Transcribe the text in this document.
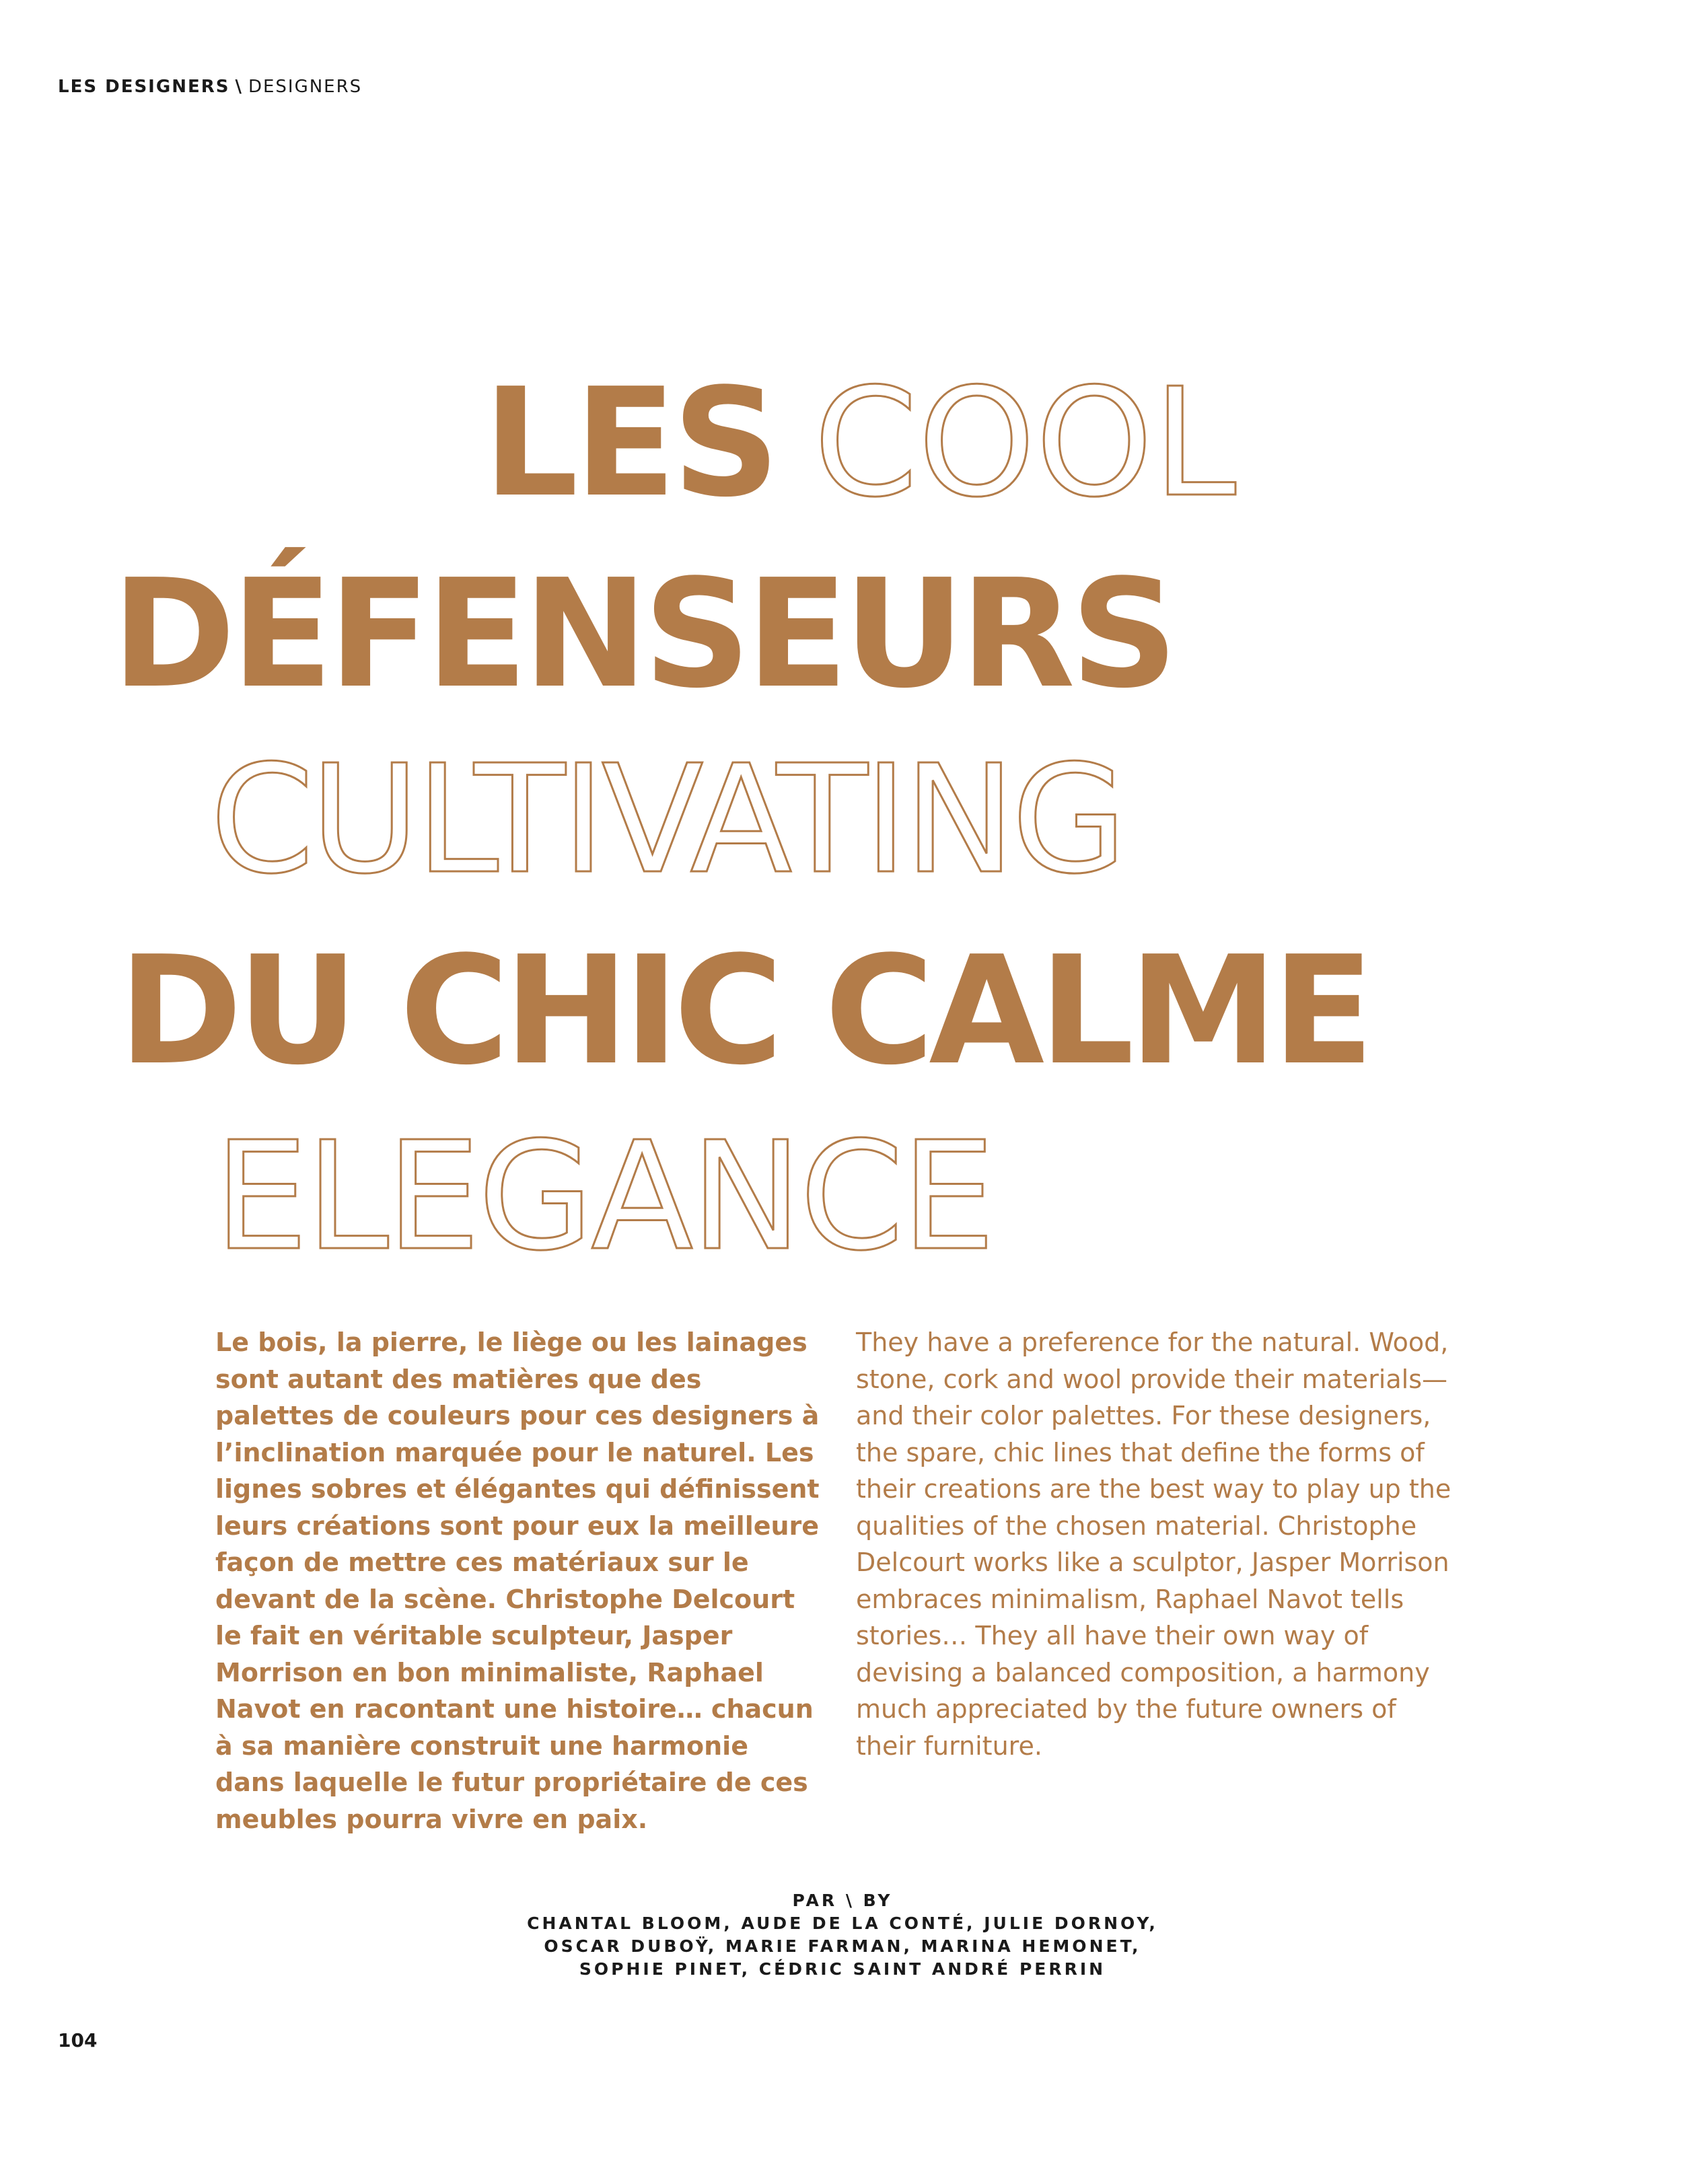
LES DESIGNERS \ DESIGNERS
LES COOL
DÉFENSEURS
CULTIVATING
DU CHIC CALME
ELEGANCE
Le bois, la pierre, le liège ou les lainages sont autant des matières que des palettes de couleurs pour ces designers à l’inclination marquée pour le naturel. Les lignes sobres et élégantes qui définissent leurs créations sont pour eux la meilleure façon de mettre ces matériaux sur le devant de la scène. Christophe Delcourt le fait en véritable sculpteur, Jasper Morrison en bon minimaliste, Raphael Navot en racontant une histoire… chacun à sa manière construit une harmonie dans laquelle le futur propriétaire de ces meubles pourra vivre en paix.
They have a preference for the natural. Wood, stone, cork and wool provide their materials—and their color palettes. For these designers, the spare, chic lines that define the forms of their creations are the best way to play up the qualities of the chosen material. Christophe Delcourt works like a sculptor, Jasper Morrison embraces minimalism, Raphael Navot tells stories… They all have their own way of devising a balanced composition, a harmony much appreciated by the future owners of their furniture.
PAR \ BY
CHANTAL BLOOM, AUDE DE LA CONTÉ, JULIE DORNOY,
OSCAR DUBOŸ, MARIE FARMAN, MARINA HEMONET,
SOPHIE PINET, CÉDRIC SAINT ANDRÉ PERRIN
104
